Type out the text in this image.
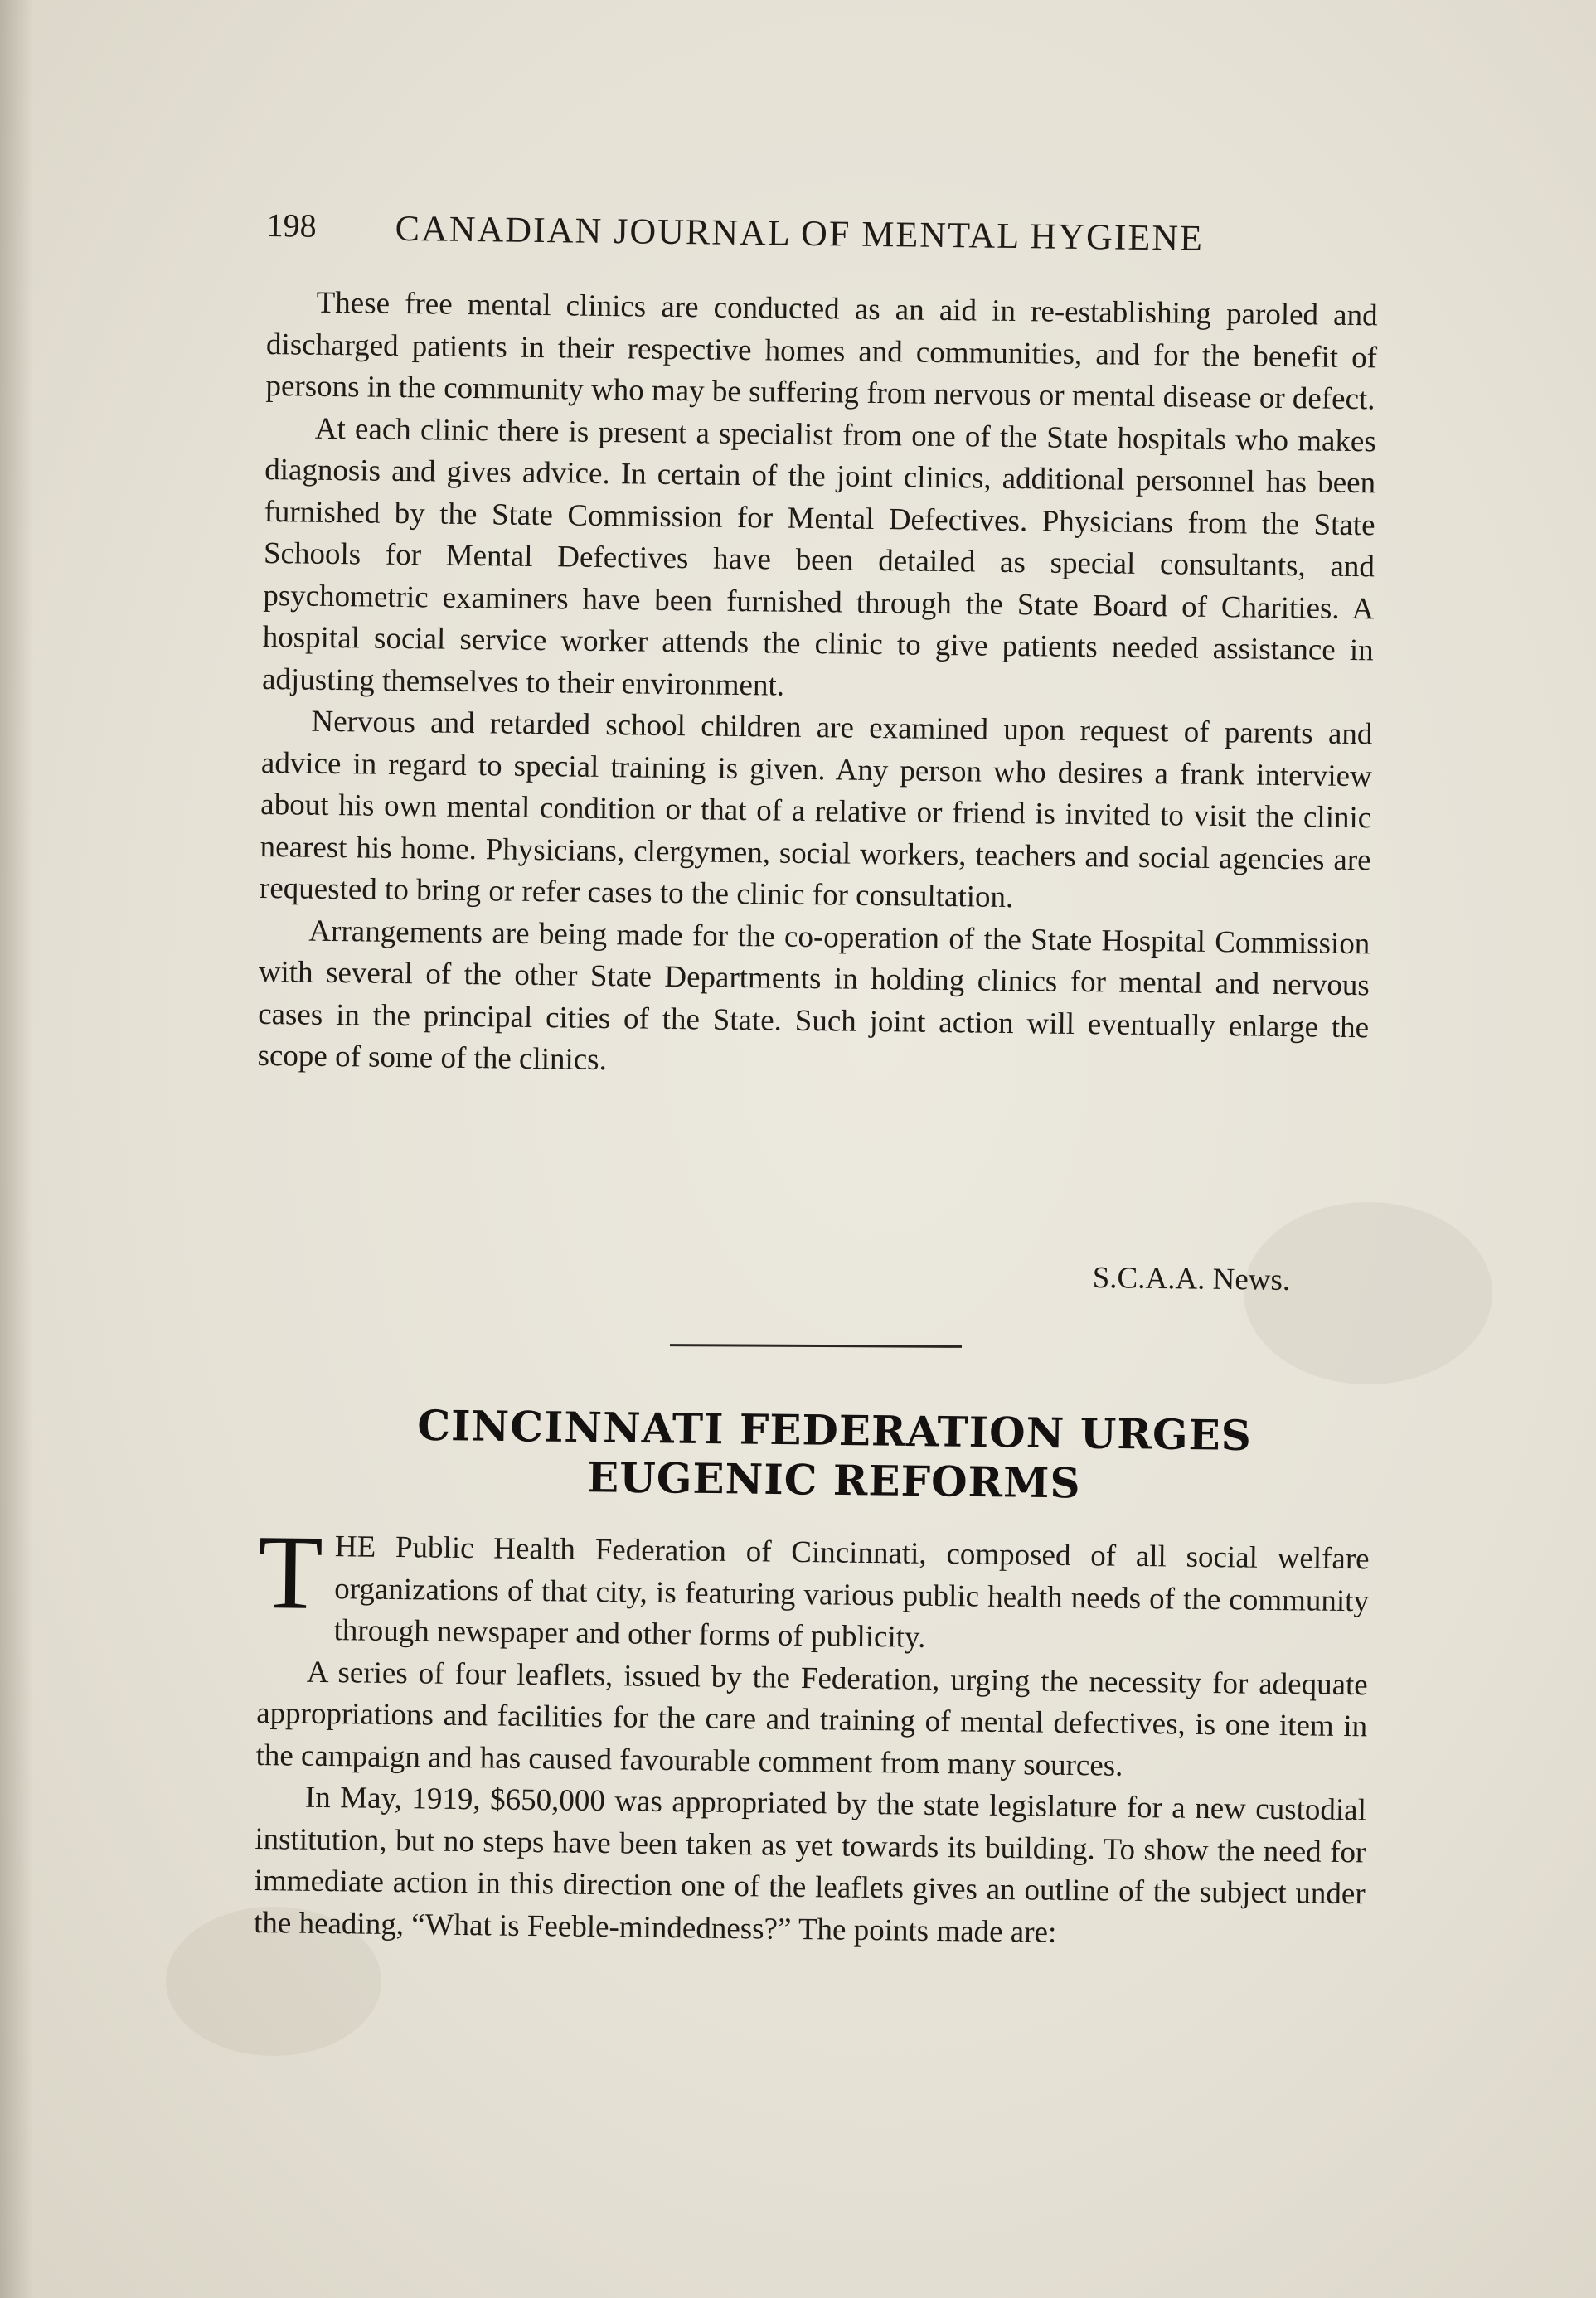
198 CANADIAN JOURNAL OF MENTAL HYGIENE

These free mental clinics are conducted as an aid in re-establishing paroled and discharged patients in their respective homes and communities, and for the benefit of persons in the community who may be suffering from nervous or mental disease or defect.

At each clinic there is present a specialist from one of the State hospitals who makes diagnosis and gives advice. In certain of the joint clinics, additional personnel has been furnished by the State Commission for Mental Defectives. Physicians from the State Schools for Mental Defectives have been detailed as special consultants, and psychometric examiners have been furnished through the State Board of Charities. A hospital social service worker attends the clinic to give patients needed assistance in adjusting themselves to their environment.

Nervous and retarded school children are examined upon request of parents and advice in regard to special training is given. Any person who desires a frank interview about his own mental condition or that of a relative or friend is invited to visit the clinic nearest his home. Physicians, clergymen, social workers, teachers and social agencies are requested to bring or refer cases to the clinic for consultation.

Arrangements are being made for the co-operation of the State Hospital Commission with several of the other State Departments in holding clinics for mental and nervous cases in the principal cities of the State. Such joint action will eventually enlarge the scope of some of the clinics.

S.C.A.A. News.
CINCINNATI FEDERATION URGES
EUGENIC REFORMS

THE Public Health Federation of Cincinnati, composed of all social welfare organizations of that city, is featuring various public health needs of the community through newspaper and other forms of publicity.

A series of four leaflets, issued by the Federation, urging the necessity for adequate appropriations and facilities for the care and training of mental defectives, is one item in the campaign and has caused favourable comment from many sources.

In May, 1919, $650,000 was appropriated by the state legislature for a new custodial institution, but no steps have been taken as yet towards its building. To show the need for immediate action in this direction one of the leaflets gives an outline of the subject under the heading, “What is Feeble-mindedness?” The points made are:
